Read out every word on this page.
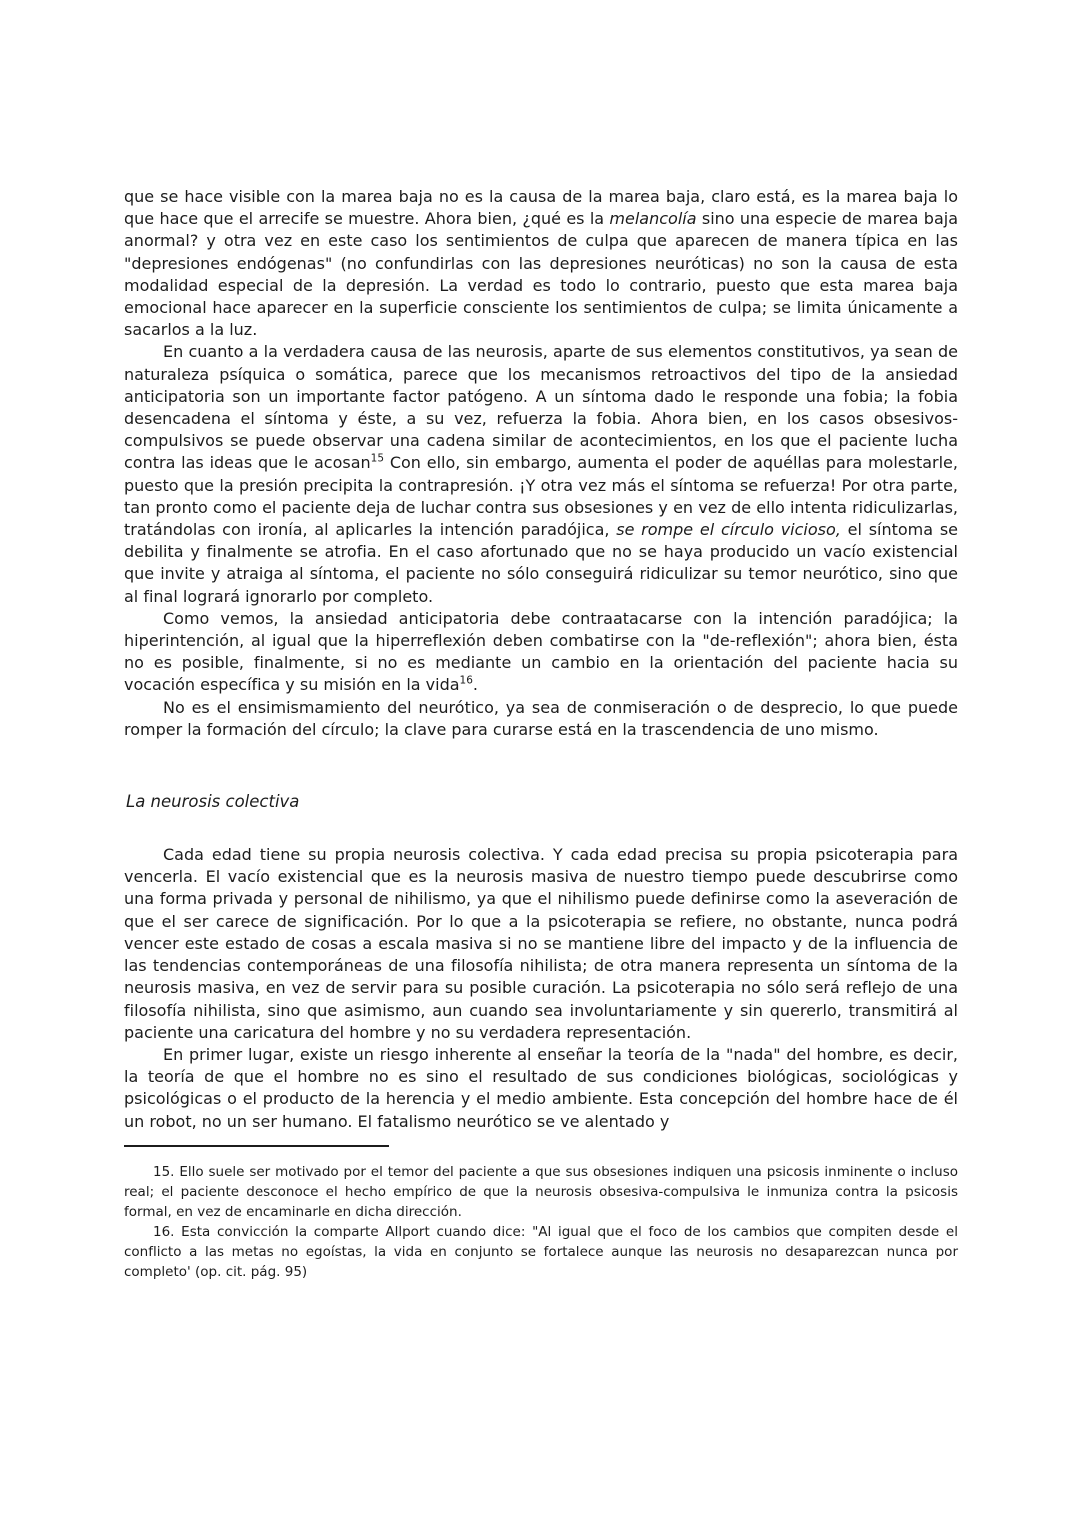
que se hace visible con la marea baja no es la causa de la marea baja, claro está, es la marea baja lo que hace que el arrecife se muestre. Ahora bien, ¿qué es la melancolía sino una especie de marea baja anormal? y otra vez en este caso los sentimientos de culpa que aparecen de manera típica en las "depresiones endógenas" (no confundirlas con las depresiones neuróticas) no son la causa de esta modalidad especial de la depresión. La verdad es todo lo contrario, puesto que esta marea baja emocional hace aparecer en la superficie consciente los sentimientos de culpa; se limita únicamente a sacarlos a la luz.

En cuanto a la verdadera causa de las neurosis, aparte de sus elementos constitutivos, ya sean de naturaleza psíquica o somática, parece que los mecanismos retroactivos del tipo de la ansiedad anticipatoria son un importante factor patógeno. A un síntoma dado le responde una fobia; la fobia desencadena el síntoma y éste, a su vez, refuerza la fobia. Ahora bien, en los casos obsesivos-compulsivos se puede observar una cadena similar de acontecimientos, en los que el paciente lucha contra las ideas que le acosan$^{15}$ Con ello, sin embargo, aumenta el poder de aquéllas para molestarle, puesto que la presión precipita la contrapresión. ¡Y otra vez más el síntoma se refuerza! Por otra parte, tan pronto como el paciente deja de luchar contra sus obsesiones y en vez de ello intenta ridiculizarlas, tratándolas con ironía, al aplicarles la intención paradójica, se rompe el círculo vicioso, el síntoma se debilita y finalmente se atrofia. En el caso afortunado que no se haya producido un vacío existencial que invite y atraiga al síntoma, el paciente no sólo conseguirá ridiculizar su temor neurótico, sino que al final logrará ignorarlo por completo.

Como vemos, la ansiedad anticipatoria debe contraatacarse con la intención paradójica; la hiperintención, al igual que la hiperreflexión deben combatirse con la "de-reflexión"; ahora bien, ésta no es posible, finalmente, si no es mediante un cambio en la orientación del paciente hacia su vocación específica y su misión en la vida$^{16}$.

No es el ensimismamiento del neurótico, ya sea de conmiseración o de desprecio, lo que puede romper la formación del círculo; la clave para curarse está en la trascendencia de uno mismo.

La neurosis colectiva

Cada edad tiene su propia neurosis colectiva. Y cada edad precisa su propia psicoterapia para vencerla. El vacío existencial que es la neurosis masiva de nuestro tiempo puede descubrirse como una forma privada y personal de nihilismo, ya que el nihilismo puede definirse como la aseveración de que el ser carece de significación. Por lo que a la psicoterapia se refiere, no obstante, nunca podrá vencer este estado de cosas a escala masiva si no se mantiene libre del impacto y de la influencia de las tendencias contemporáneas de una filosofía nihilista; de otra manera representa un síntoma de la neurosis masiva, en vez de servir para su posible curación. La psicoterapia no sólo será reflejo de una filosofía nihilista, sino que asimismo, aun cuando sea involuntariamente y sin quererlo, transmitirá al paciente una caricatura del hombre y no su verdadera representación.

En primer lugar, existe un riesgo inherente al enseñar la teoría de la "nada" del hombre, es decir, la teoría de que el hombre no es sino el resultado de sus condiciones biológicas, sociológicas y psicológicas o el producto de la herencia y el medio ambiente. Esta concepción del hombre hace de él un robot, no un ser humano. El fatalismo neurótico se ve alentado y

15. Ello suele ser motivado por el temor del paciente a que sus obsesiones indiquen una psicosis inminente o incluso real; el paciente desconoce el hecho empírico de que la neurosis obsesiva-compulsiva le inmuniza contra la psicosis formal, en vez de encaminarle en dicha dirección.

16. Esta convicción la comparte Allport cuando dice: "Al igual que el foco de los cambios que compiten desde el conflicto a las metas no egoístas, la vida en conjunto se fortalece aunque las neurosis no desaparezcan nunca por completo' (op. cit. pág. 95)
